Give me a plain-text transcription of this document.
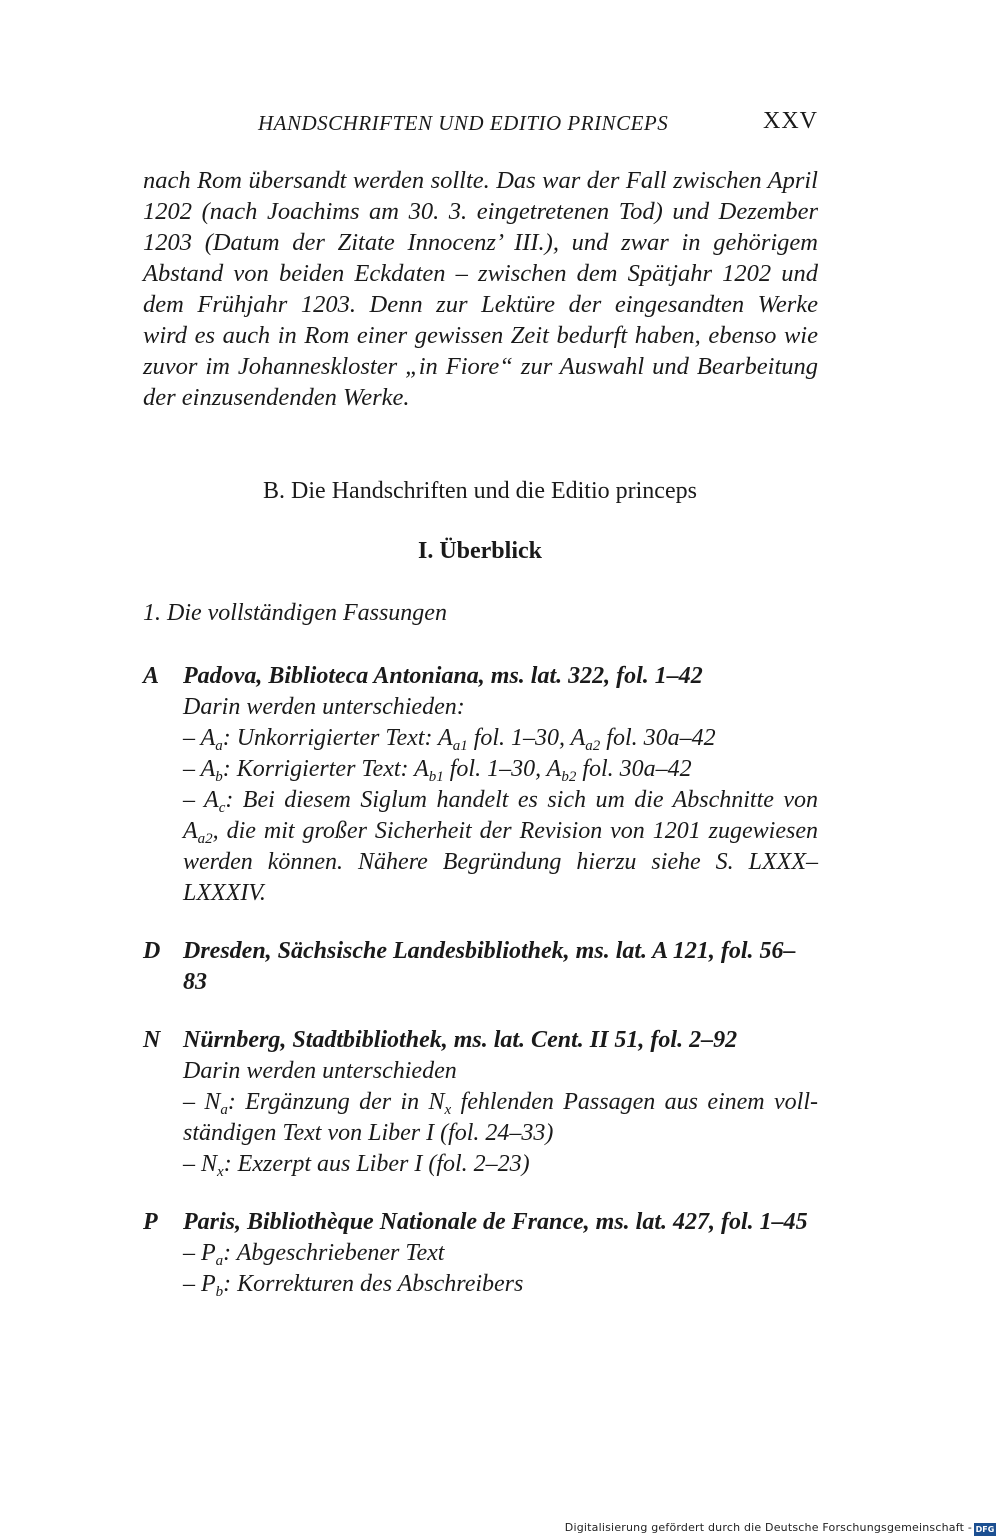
HANDSCHRIFTEN UND EDITIO PRINCEPS	XXV
nach Rom übersandt werden sollte. Das war der Fall zwischen April
1202 (nach Joachims am 30. 3. eingetretenen Tod) und Dezember
1203 (Datum der Zitate Innocenz’ III.), und zwar in gehörigem
Abstand von beiden Eckdaten – zwischen dem Spätjahr 1202 und
dem Frühjahr 1203. Denn zur Lektüre der eingesandten Werke
wird es auch in Rom einer gewissen Zeit bedurft haben, ebenso wie
zuvor im Johanneskloster „in Fiore“ zur Auswahl und Bearbeitung
der einzusendenden Werke.
B. Die Handschriften und die Editio princeps
I. Überblick
1. Die vollständigen Fassungen
A Padova, Biblioteca Antoniana, ms. lat. 322, fol. 1–42
Darin werden unterschieden:
– $A_a$: Unkorrigierter Text: $A_{a1}$ fol. 1–30, $A_{a2}$ fol. 30a–42
– $A_b$: Korrigierter Text: $A_{b1}$ fol. 1–30, $A_{b2}$ fol. 30a–42
– $A_c$: Bei diesem Siglum handelt es sich um die Abschnitte von
$A_{a2}$, die mit großer Sicherheit der Revision von 1201 zugewiesen
werden können. Nähere Begründung hierzu siehe S. LXXX–
LXXXIV.
D Dresden, Sächsische Landesbibliothek, ms. lat. A 121, fol. 56–
83
N Nürnberg, Stadtbibliothek, ms. lat. Cent. II 51, fol. 2–92
Darin werden unterschieden
– $N_a$: Ergänzung der in $N_x$ fehlenden Passagen aus einem voll-
ständigen Text von Liber I (fol. 24–33)
– $N_x$: Exzerpt aus Liber I (fol. 2–23)
P Paris, Bibliothèque Nationale de France, ms. lat. 427, fol. 1–45
– $P_a$: Abgeschriebener Text
– $P_b$: Korrekturen des Abschreibers
Digitalisierung gefördert durch die Deutsche Forschungsgemeinschaft - DFG
